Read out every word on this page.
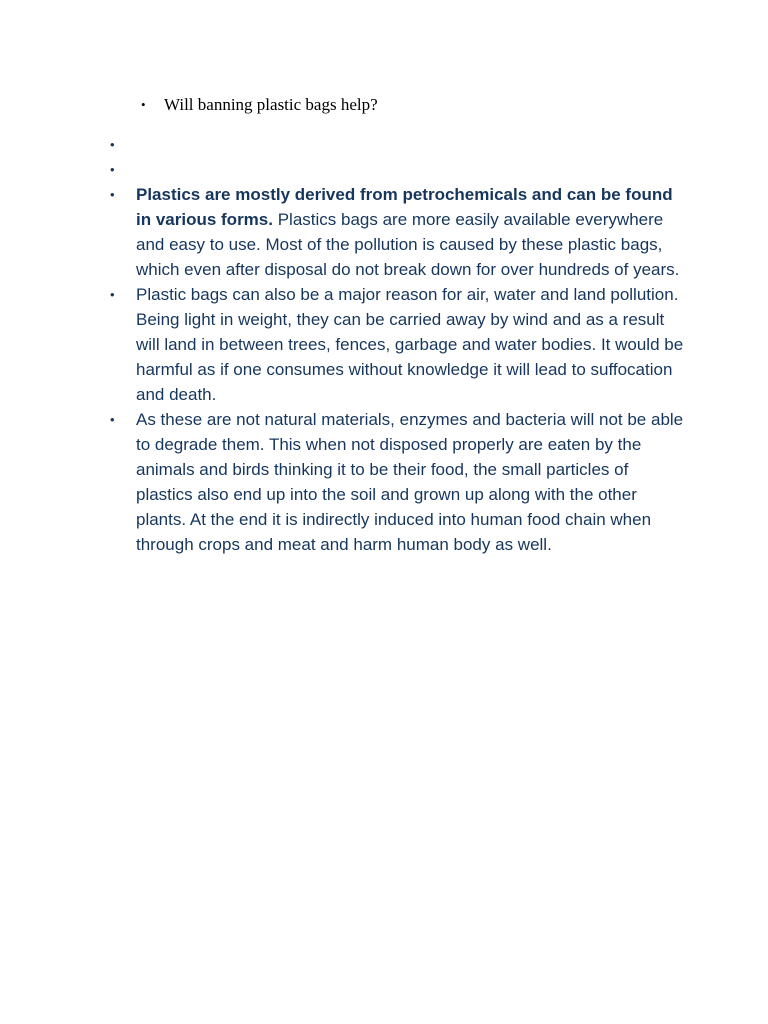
• Will banning plastic bags help?
•
•
• Plastics are mostly derived from petrochemicals and can be found in various forms. Plastics bags are more easily available everywhere and easy to use. Most of the pollution is caused by these plastic bags, which even after disposal do not break down for over hundreds of years.
• Plastic bags can also be a major reason for air, water and land pollution. Being light in weight, they can be carried away by wind and as a result will land in between trees, fences, garbage and water bodies. It would be harmful as if one consumes without knowledge it will lead to suffocation and death.
• As these are not natural materials, enzymes and bacteria will not be able to degrade them. This when not disposed properly are eaten by the animals and birds thinking it to be their food, the small particles of plastics also end up into the soil and grown up along with the other plants. At the end it is indirectly induced into human food chain when through crops and meat and harm human body as well.
